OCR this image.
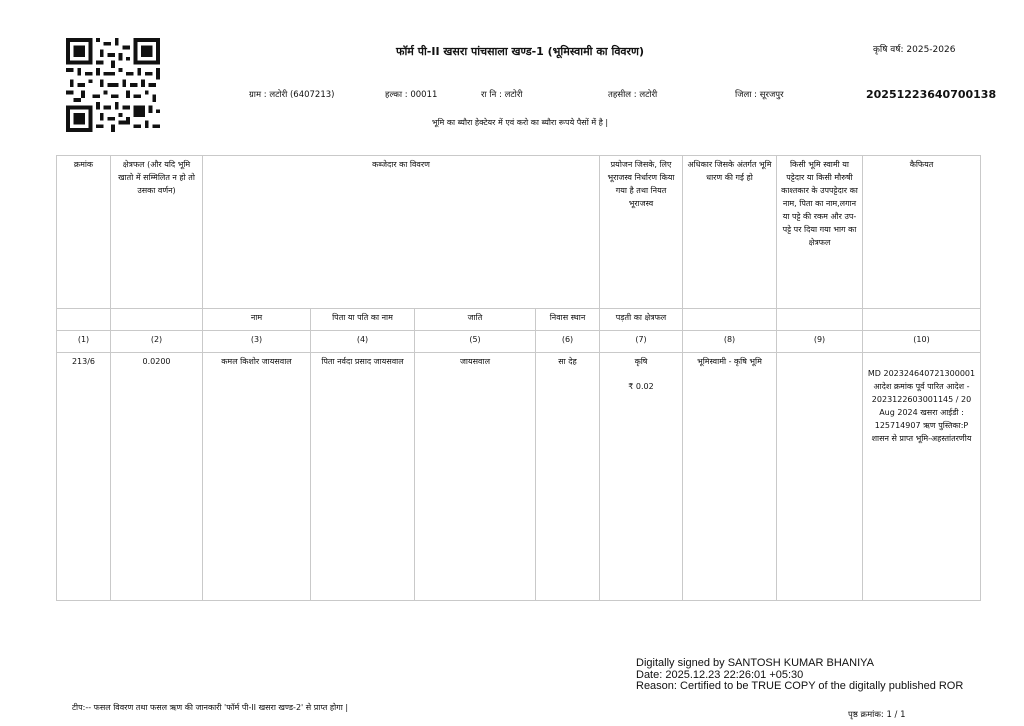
फॉर्म पी-II खसरा पांचसाला खण्ड-1 (भूमिस्वामी का विवरण)	कृषि वर्ष: 2025-2026
ग्राम : लटोरी (6407213)	हल्का : 00011	रा नि : लटोरी	तहसील : लटोरी	जिला : सूरजपुर	20251223640700138
भूमि का ब्यौरा हेक्टेयर में एवं करो का ब्यौरा रूपये पैसों में है |
क्रमांक	क्षेत्रफल (और यदि भूमि खातो में सम्मिलित न हो तो उसका वर्णन)	कब्जेदार का विवरण				प्रयोजन जिसके, लिए भूराजस्व निर्धारण किया गया है तथा नियत भूराजस्व	अधिकार जिसके अंतर्गत भूमि धारण की गई हो	किसी भूमि स्वामी या पट्टेदार या किसी मौरुषी काश्तकार के उपपट्टेदार का नाम, पिता का नाम,लगान या पट्टे की रकम और उप-पट्टे पर दिया गया भाग का क्षेत्रफल	कैफियत
		नाम	पिता या पति का नाम	जाति	निवास स्थान	पड़ती का क्षेत्रफल			
(1)	(2)	(3)	(4)	(5)	(6)	(7)	(8)	(9)	(10)
213/6	0.0200	कमल किशोर जायसवाल	पिता नर्वदा प्रसाद जायसवाल	जायसवाल	सा देह	कृषि
₹ 0.02	भूमिस्वामी - कृषि भूमि		MD 202324640721300001 आदेश क्रमांक पूर्व पारित आदेश - 2023122603001145 / 20 Aug 2024 खसरा आईडी : 125714907 ऋण पुस्तिका:P शासन से प्राप्त भूमि-अहस्तांतरणीय
Digitally signed by SANTOSH KUMAR BHANIYA
Date: 2025.12.23 22:26:01 +05:30
Reason: Certified to be TRUE COPY of the digitally published ROR
टीप:-- फसल विवरण तथा फसल ऋण की जानकारी 'फॉर्म पी-II खसरा खण्ड-2' से प्राप्त होगा |
पृष्ठ क्रमांक: 1 / 1
